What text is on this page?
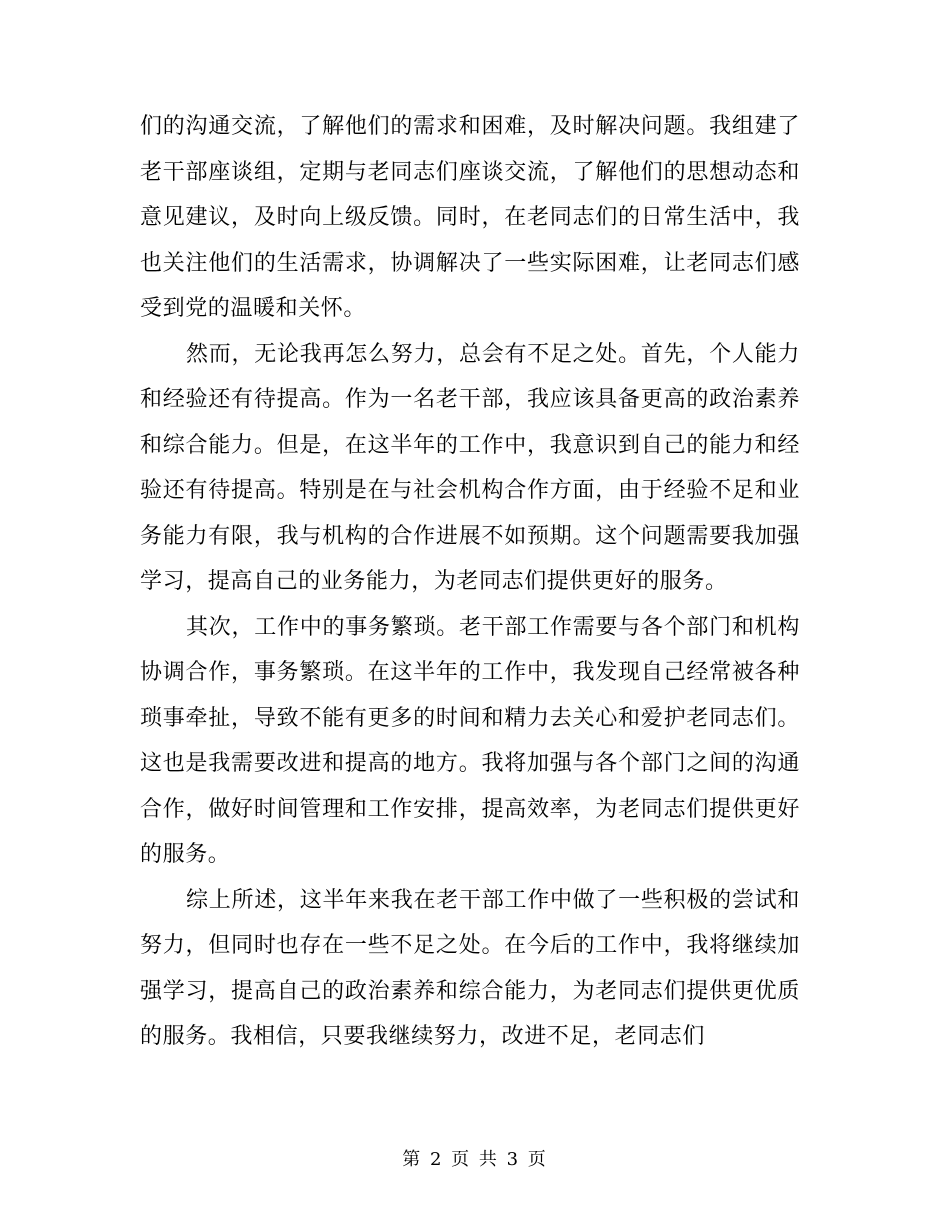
们的沟通交流，了解他们的需求和困难，及时解决问题。我组建了老干部座谈组，定期与老同志们座谈交流，了解他们的思想动态和意见建议，及时向上级反馈。同时，在老同志们的日常生活中，我也关注他们的生活需求，协调解决了一些实际困难，让老同志们感受到党的温暖和关怀。

然而，无论我再怎么努力，总会有不足之处。首先，个人能力和经验还有待提高。作为一名老干部，我应该具备更高的政治素养和综合能力。但是，在这半年的工作中，我意识到自己的能力和经验还有待提高。特别是在与社会机构合作方面，由于经验不足和业务能力有限，我与机构的合作进展不如预期。这个问题需要我加强学习，提高自己的业务能力，为老同志们提供更好的服务。

其次，工作中的事务繁琐。老干部工作需要与各个部门和机构协调合作，事务繁琐。在这半年的工作中，我发现自己经常被各种琐事牵扯，导致不能有更多的时间和精力去关心和爱护老同志们。这也是我需要改进和提高的地方。我将加强与各个部门之间的沟通合作，做好时间管理和工作安排，提高效率，为老同志们提供更好的服务。

综上所述，这半年来我在老干部工作中做了一些积极的尝试和努力，但同时也存在一些不足之处。在今后的工作中，我将继续加强学习，提高自己的政治素养和综合能力，为老同志们提供更优质的服务。我相信，只要我继续努力，改进不足，老同志们

第 2 页 共 3 页
